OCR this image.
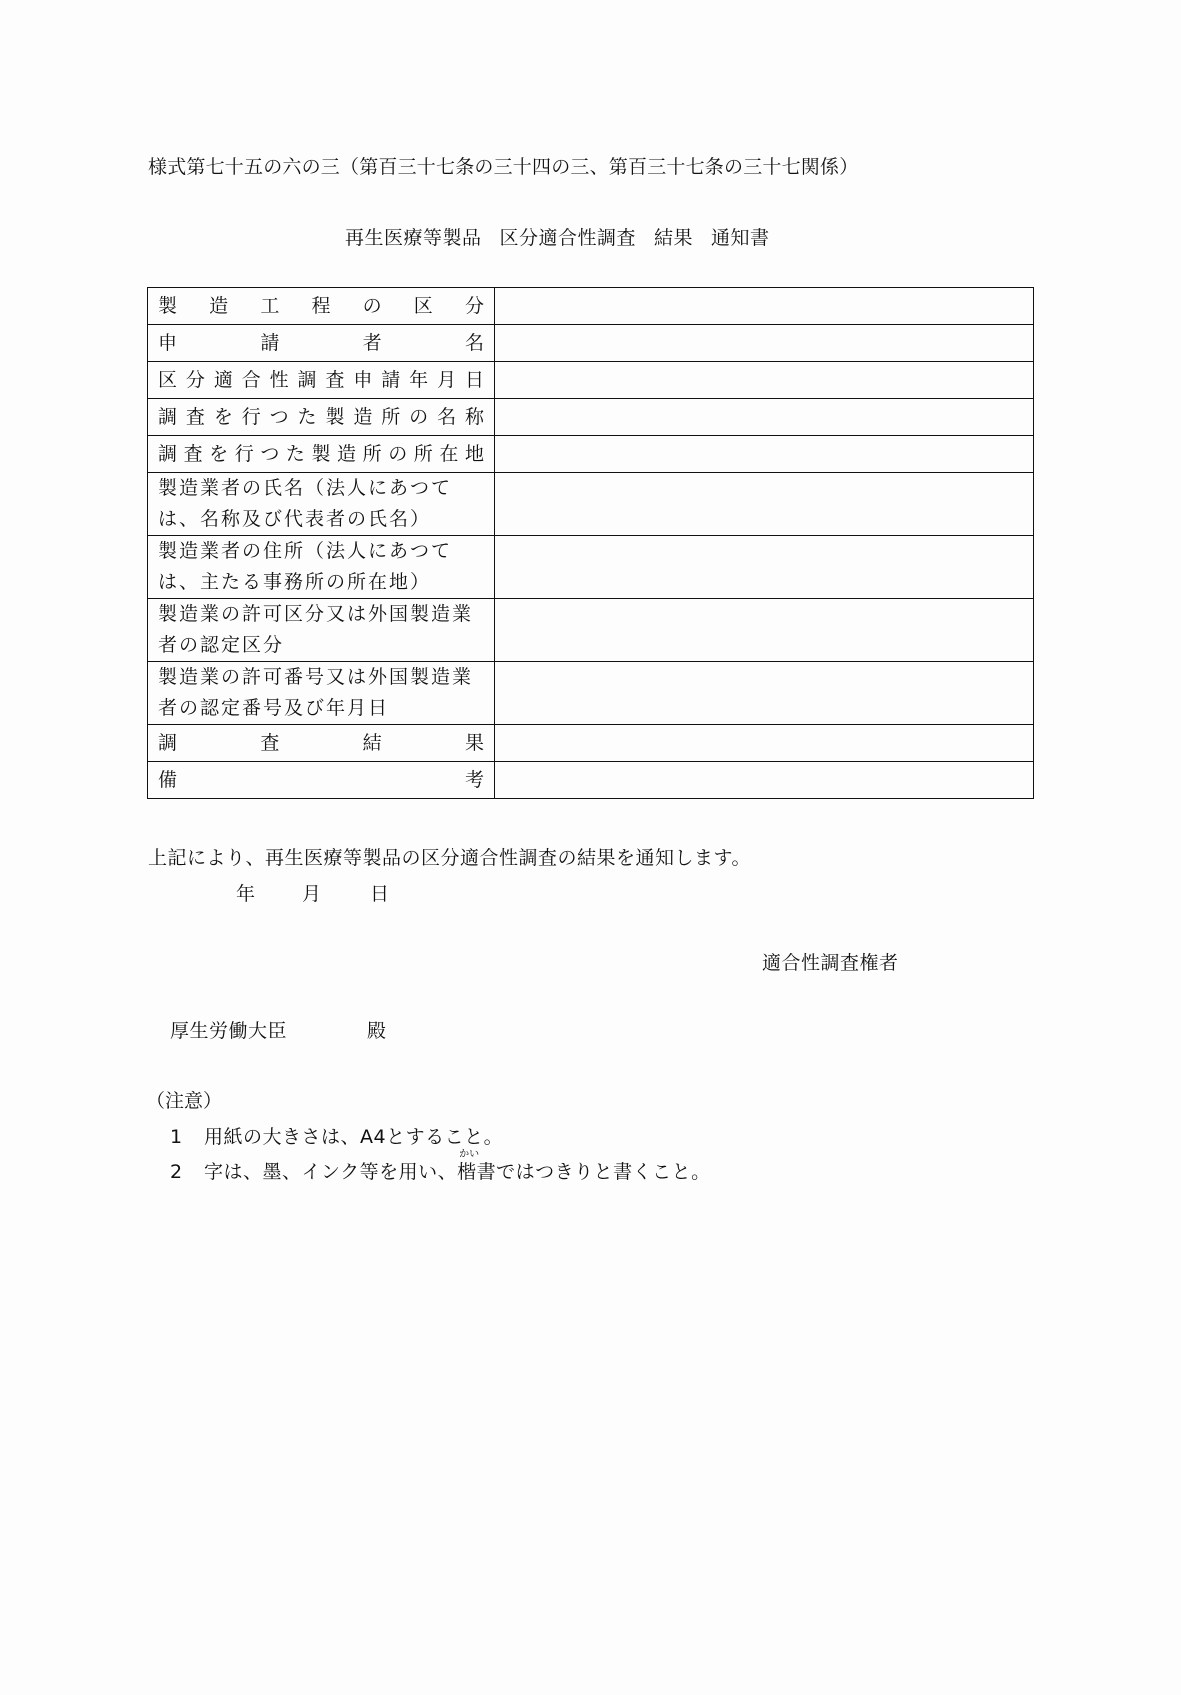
様式第七十五の六の三（第百三十七条の三十四の三、第百三十七条の三十七関係）
再生医療等製品 区分適合性調査 結果 通知書
製 造 工 程 の 区 分

申 請 者 名	

区 分 適 合 性 調 査 申 請 年 月 日

調 査 を 行 つ た 製 造 所 の 名 称

調 査 を 行 つ た 製 造 所 の 所 在 地

製造業者の氏名（法人にあつては、名称及び代表者の氏名）	

製造業者の住所（法人にあつては、主たる事務所の所在地）	

製造業の許可区分又は外国製造業者の認定区分	

製造業の許可番号又は外国製造業者の認定番号及び年月日	

調 査 結 果	

備 考	

上記により、再生医療等製品の区分適合性調査の結果を通知します。
年 月	日
適合性調査権者
厚生労働大臣	殿
（注意）
1 用紙の大きさは、A4とすること。
2 字は、墨、インク等を用い、
かい
楷書ではつきりと書くこと。
